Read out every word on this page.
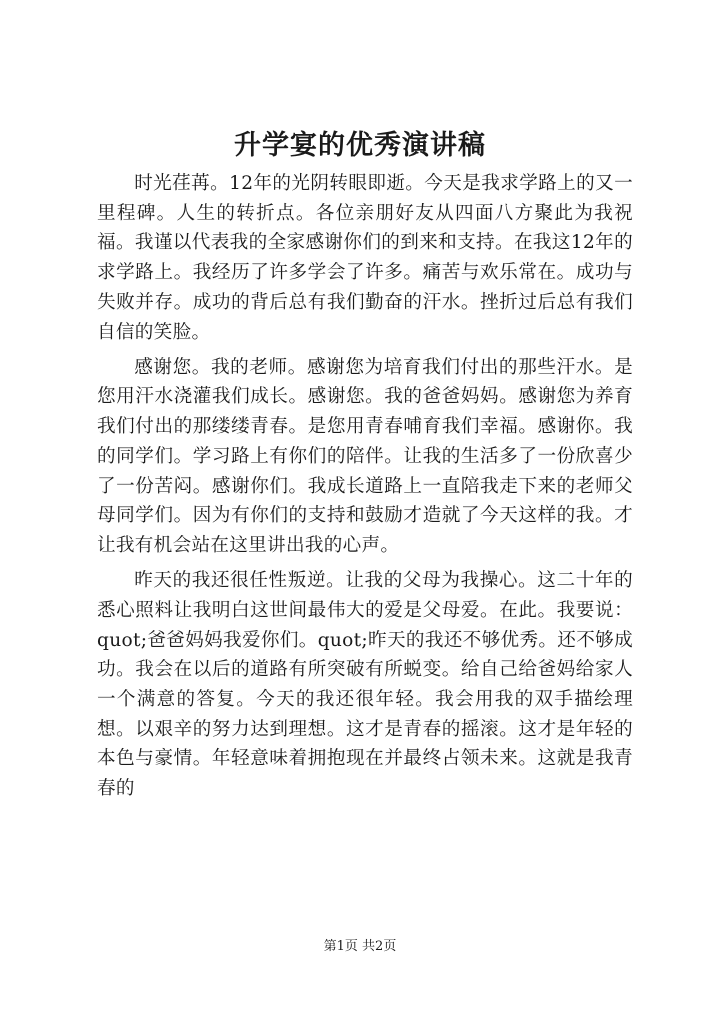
升学宴的优秀演讲稿

时光荏苒。12年的光阴转眼即逝。今天是我求学路上的又一里程碑。人生的转折点。各位亲朋好友从四面八方聚此为我祝福。我谨以代表我的全家感谢你们的到来和支持。在我这12年的求学路上。我经历了许多学会了许多。痛苦与欢乐常在。成功与失败并存。成功的背后总有我们勤奋的汗水。挫折过后总有我们自信的笑脸。

感谢您。我的老师。感谢您为培育我们付出的那些汗水。是您用汗水浇灌我们成长。感谢您。我的爸爸妈妈。感谢您为养育我们付出的那缕缕青春。是您用青春哺育我们幸福。感谢你。我的同学们。学习路上有你们的陪伴。让我的生活多了一份欣喜少了一份苦闷。感谢你们。我成长道路上一直陪我走下来的老师父母同学们。因为有你们的支持和鼓励才造就了今天这样的我。才让我有机会站在这里讲出我的心声。

昨天的我还很任性叛逆。让我的父母为我操心。这二十年的悉心照料让我明白这世间最伟大的爱是父母爱。在此。我要说：quot;爸爸妈妈我爱你们。quot;昨天的我还不够优秀。还不够成功。我会在以后的道路有所突破有所蜕变。给自己给爸妈给家人一个满意的答复。今天的我还很年轻。我会用我的双手描绘理想。以艰辛的努力达到理想。这才是青春的摇滚。这才是年轻的本色与豪情。年轻意味着拥抱现在并最终占领未来。这就是我青春的

第1页 共2页
